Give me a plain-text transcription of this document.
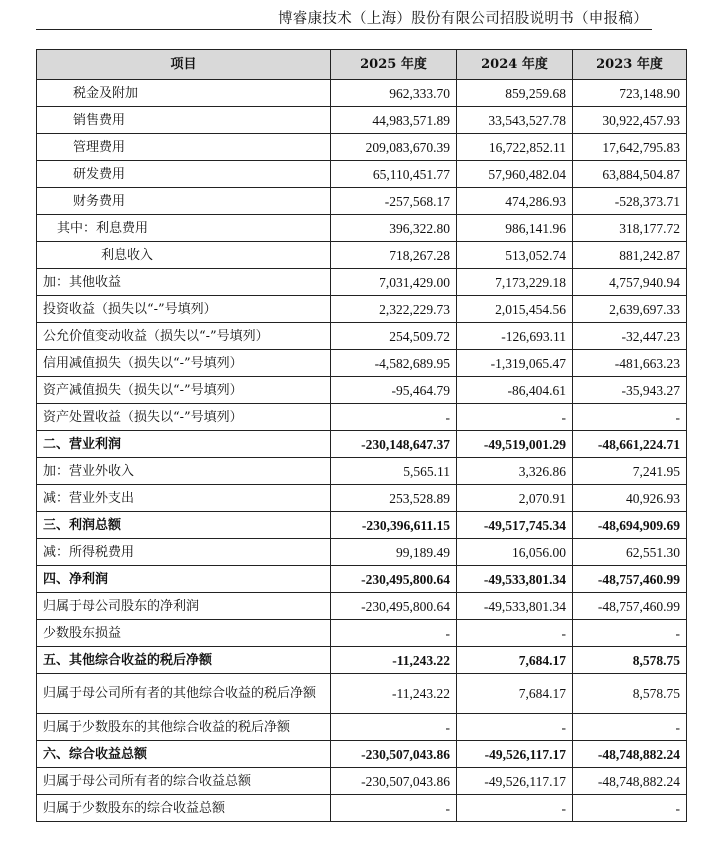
博睿康技术（上海）股份有限公司招股说明书（申报稿）
项目	2025 年度	2024 年度	2023 年度
税金及附加	962,333.70	859,259.68	723,148.90
销售费用	44,983,571.89	33,543,527.78	30,922,457.93
管理费用	209,083,670.39	16,722,852.11	17,642,795.83
研发费用	65,110,451.77	57,960,482.04	63,884,504.87
财务费用	-257,568.17	474,286.93	-528,373.71
其中：利息费用	396,322.80	986,141.96	318,177.72
利息收入	718,267.28	513,052.74	881,242.87
加：其他收益	7,031,429.00	7,173,229.18	4,757,940.94
投资收益（损失以“-”号填列）	2,322,229.73	2,015,454.56	2,639,697.33
公允价值变动收益（损失以“-”号填列）	254,509.72	-126,693.11	-32,447.23
信用减值损失（损失以“-”号填列）	-4,582,689.95	-1,319,065.47	-481,663.23
资产减值损失（损失以“-”号填列）	-95,464.79	-86,404.61	-35,943.27
资产处置收益（损失以“-”号填列）	-	-	-
二、营业利润	-230,148,647.37	-49,519,001.29	-48,661,224.71
加：营业外收入	5,565.11	3,326.86	7,241.95
减：营业外支出	253,528.89	2,070.91	40,926.93
三、利润总额	-230,396,611.15	-49,517,745.34	-48,694,909.69
减：所得税费用	99,189.49	16,056.00	62,551.30
四、净利润	-230,495,800.64	-49,533,801.34	-48,757,460.99
归属于母公司股东的净利润	-230,495,800.64	-49,533,801.34	-48,757,460.99
少数股东损益	-	-	-
五、其他综合收益的税后净额	-11,243.22	7,684.17	8,578.75
归属于母公司所有者的其他综合收益的税后净额	-11,243.22	7,684.17	8,578.75
归属于少数股东的其他综合收益的税后净额	-	-	-
六、综合收益总额	-230,507,043.86	-49,526,117.17	-48,748,882.24
归属于母公司所有者的综合收益总额	-230,507,043.86	-49,526,117.17	-48,748,882.24
归属于少数股东的综合收益总额	-	-	-
